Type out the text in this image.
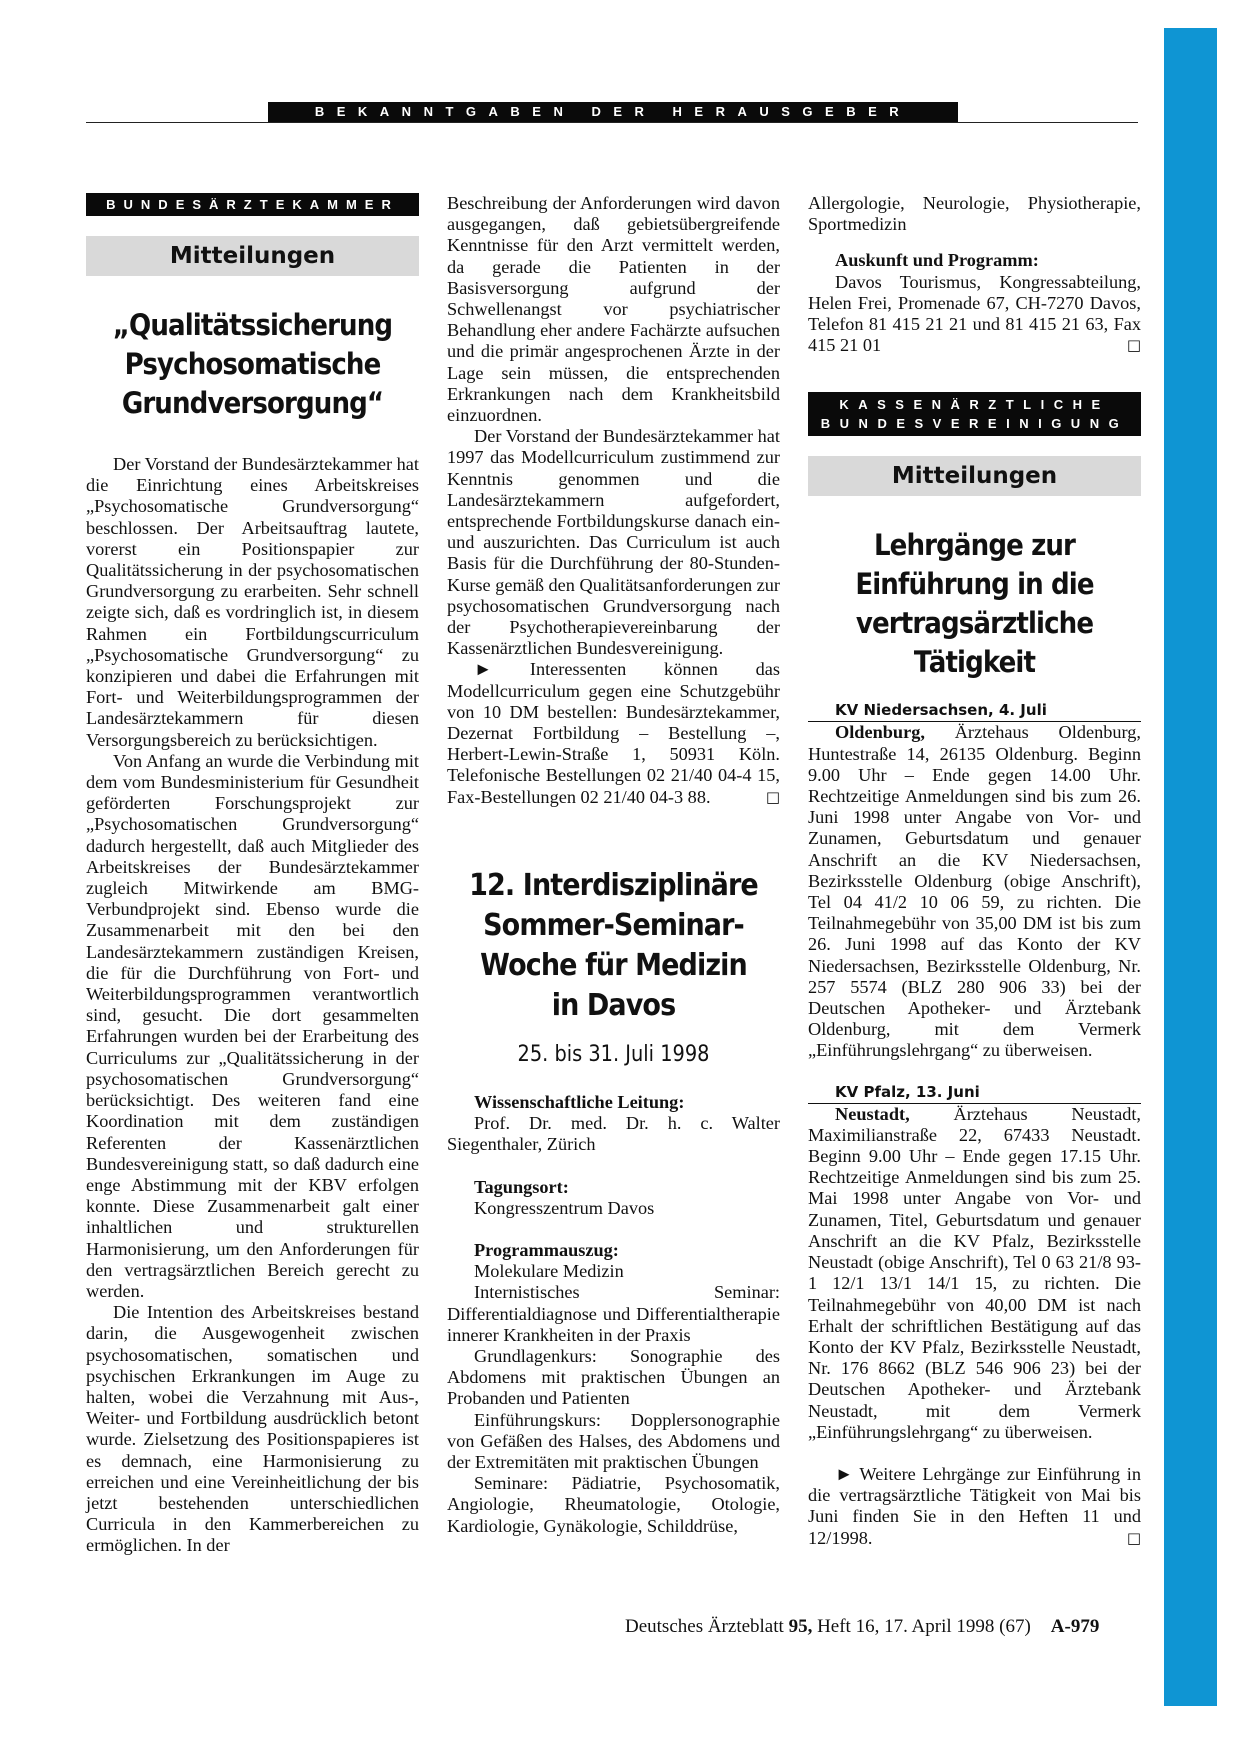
BEKANNTGABEN DER HERAUSGEBER
BUNDESÄRZTEKAMMER
Mitteilungen
„Qualitätssicherung Psychosomatische Grundversorgung“

Der Vorstand der Bundesärztekammer hat die Einrichtung eines Arbeitskreises „Psychosomatische Grundversorgung“ beschlossen. Der Arbeitsauftrag lautete, vorerst ein Positionspapier zur Qualitätssicherung in der psychosomatischen Grundversorgung zu erarbeiten. Sehr schnell zeigte sich, daß es vordringlich ist, in diesem Rahmen ein Fortbildungscurriculum „Psychosomatische Grundversorgung“ zu konzipieren und dabei die Erfahrungen mit Fort- und Weiterbildungsprogrammen der Landesärztekammern für diesen Versorgungsbereich zu berücksichtigen.

Von Anfang an wurde die Verbindung mit dem vom Bundesministerium für Gesundheit geförderten Forschungsprojekt zur „Psychosomatischen Grundversorgung“ dadurch hergestellt, daß auch Mitglieder des Arbeitskreises der Bundesärztekammer zugleich Mitwirkende am BMG-Verbundprojekt sind. Ebenso wurde die Zusammenarbeit mit den bei den Landesärztekammern zuständigen Kreisen, die für die Durchführung von Fort- und Weiterbildungsprogrammen verantwortlich sind, gesucht. Die dort gesammelten Erfahrungen wurden bei der Erarbeitung des Curriculums zur „Qualitätssicherung in der psychosomatischen Grundversorgung“ berücksichtigt. Des weiteren fand eine Koordination mit dem zuständigen Referenten der Kassenärztlichen Bundesvereinigung statt, so daß dadurch eine enge Abstimmung mit der KBV erfolgen konnte. Diese Zusammenarbeit galt einer inhaltlichen und strukturellen Harmonisierung, um den Anforderungen für den vertragsärztlichen Bereich gerecht zu werden.

Die Intention des Arbeitskreises bestand darin, die Ausgewogenheit zwischen psychosomatischen, somatischen und psychischen Erkrankungen im Auge zu halten, wobei die Verzahnung mit Aus-, Weiter- und Fortbildung ausdrücklich betont wurde. Zielsetzung des Positionspapieres ist es demnach, eine Harmonisierung zu erreichen und eine Vereinheitlichung der bis jetzt bestehenden unterschiedlichen Curricula in den Kammerbereichen zu ermöglichen. In der

Beschreibung der Anforderungen wird davon ausgegangen, daß gebietsübergreifende Kenntnisse für den Arzt vermittelt werden, da gerade die Patienten in der Basisversorgung aufgrund der Schwellenangst vor psychiatrischer Behandlung eher andere Fachärzte aufsuchen und die primär angesprochenen Ärzte in der Lage sein müssen, die entsprechenden Erkrankungen nach dem Krankheitsbild einzuordnen.

Der Vorstand der Bundesärztekammer hat 1997 das Modellcurriculum zustimmend zur Kenntnis genommen und die Landesärztekammern aufgefordert, entsprechende Fortbildungskurse danach ein- und auszurichten. Das Curriculum ist auch Basis für die Durchführung der 80-Stunden-Kurse gemäß den Qualitätsanforderungen zur psychosomatischen Grundversorgung nach der Psychotherapievereinbarung der Kassenärztlichen Bundesvereinigung.

► Interessenten können das Modellcurriculum gegen eine Schutzgebühr von 10 DM bestellen: Bundesärztekammer, Dezernat Fortbildung – Bestellung –, Herbert-Lewin-Straße 1, 50931 Köln. Telefonische Bestellungen 02 21/40 04-4 15, Fax-Bestellungen 02 21/40 04-3 88.	□

12. Interdisziplinäre Sommer-Seminar-Woche für Medizin in Davos
25. bis 31. Juli 1998
Wissenschaftliche Leitung:
Prof. Dr. med. Dr. h. c. Walter Siegenthaler, Zürich
Tagungsort:
Kongresszentrum Davos
Programmauszug:
Molekulare Medizin
Internistisches Seminar: Differentialdiagnose und Differentialtherapie innerer Krankheiten in der Praxis
Grundlagenkurs: Sonographie des Abdomens mit praktischen Übungen an Probanden und Patienten
Einführungskurs: Dopplersonographie von Gefäßen des Halses, des Abdomens und der Extremitäten mit praktischen Übungen
Seminare: Pädiatrie, Psychosomatik, Angiologie, Rheumatologie, Otologie, Kardiologie, Gynäkologie, Schilddrüse,

Allergologie, Neurologie, Physiotherapie, Sportmedizin

Auskunft und Programm:
Davos Tourismus, Kongressabteilung, Helen Frei, Promenade 67, CH-7270 Davos, Telefon 81 415 21 21 und 81 415 21 63, Fax 415 21 01	□
KASSENÄRZTLICHE
BUNDESVEREINIGUNG
Mitteilungen
Lehrgänge zur Einführung in die vertragsärztliche Tätigkeit
KV Niedersachsen, 4. Juli

Oldenburg, Ärztehaus Oldenburg, Huntestraße 14, 26135 Oldenburg. Beginn 9.00 Uhr – Ende gegen 14.00 Uhr. Rechtzeitige Anmeldungen sind bis zum 26. Juni 1998 unter Angabe von Vor- und Zunamen, Geburtsdatum und genauer Anschrift an die KV Niedersachsen, Bezirksstelle Oldenburg (obige Anschrift), Tel 04 41/2 10 06 59, zu richten. Die Teilnahmegebühr von 35,00 DM ist bis zum 26. Juni 1998 auf das Konto der KV Niedersachsen, Bezirksstelle Oldenburg, Nr. 257 5574 (BLZ 280 906 33) bei der Deutschen Apotheker- und Ärztebank Oldenburg, mit dem Vermerk „Einführungslehrgang“ zu überweisen.

KV Pfalz, 13. Juni

Neustadt, Ärztehaus Neustadt, Maximilianstraße 22, 67433 Neustadt. Beginn 9.00 Uhr – Ende gegen 17.15 Uhr. Rechtzeitige Anmeldungen sind bis zum 25. Mai 1998 unter Angabe von Vor- und Zunamen, Titel, Geburtsdatum und genauer Anschrift an die KV Pfalz, Bezirksstelle Neustadt (obige Anschrift), Tel 0 63 21/8 93-1 12/1 13/1 14/1 15, zu richten. Die Teilnahmegebühr von 40,00 DM ist nach Erhalt der schriftlichen Bestätigung auf das Konto der KV Pfalz, Bezirksstelle Neustadt, Nr. 176 8662 (BLZ 546 906 23) bei der Deutschen Apotheker- und Ärztebank Neustadt, mit dem Vermerk „Einführungslehrgang“ zu überweisen.

► Weitere Lehrgänge zur Einführung in die vertragsärztliche Tätigkeit von Mai bis Juni finden Sie in den Heften 11 und 12/1998.	□

Deutsches Ärzteblatt 95, Heft 16, 17. April 1998 (67) A-979
